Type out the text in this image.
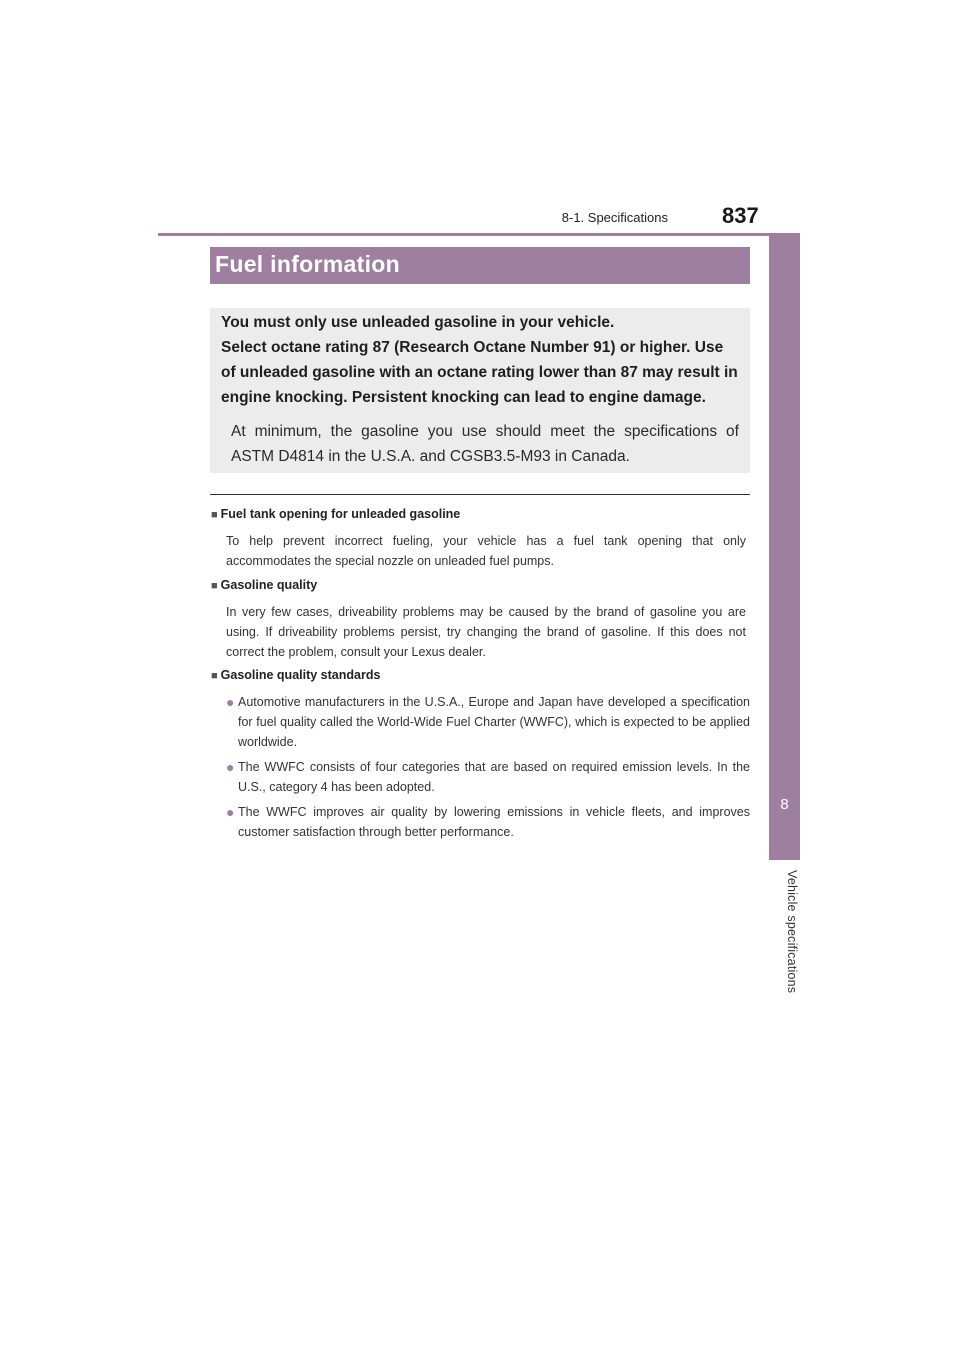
8-1. Specifications 837
8
Vehicle specifications
Fuel information
You must only use unleaded gasoline in your vehicle.
Select octane rating 87 (Research Octane Number 91) or higher. Use
of unleaded gasoline with an octane rating lower than 87 may result in
engine knocking. Persistent knocking can lead to engine damage.
At minimum, the gasoline you use should meet the specifications of ASTM D4814 in the U.S.A. and CGSB3.5-M93 in Canada.
■ Fuel tank opening for unleaded gasoline
To help prevent incorrect fueling, your vehicle has a fuel tank opening that only accommodates the special nozzle on unleaded fuel pumps.
■ Gasoline quality
In very few cases, driveability problems may be caused by the brand of gasoline you are using. If driveability problems persist, try changing the brand of gasoline. If this does not correct the problem, consult your Lexus dealer.
■ Gasoline quality standards
● Automotive manufacturers in the U.S.A., Europe and Japan have developed a specification for fuel quality called the World-Wide Fuel Charter (WWFC), which is expected to be applied worldwide.
● The WWFC consists of four categories that are based on required emission levels. In the U.S., category 4 has been adopted.
● The WWFC improves air quality by lowering emissions in vehicle fleets, and improves customer satisfaction through better performance.
